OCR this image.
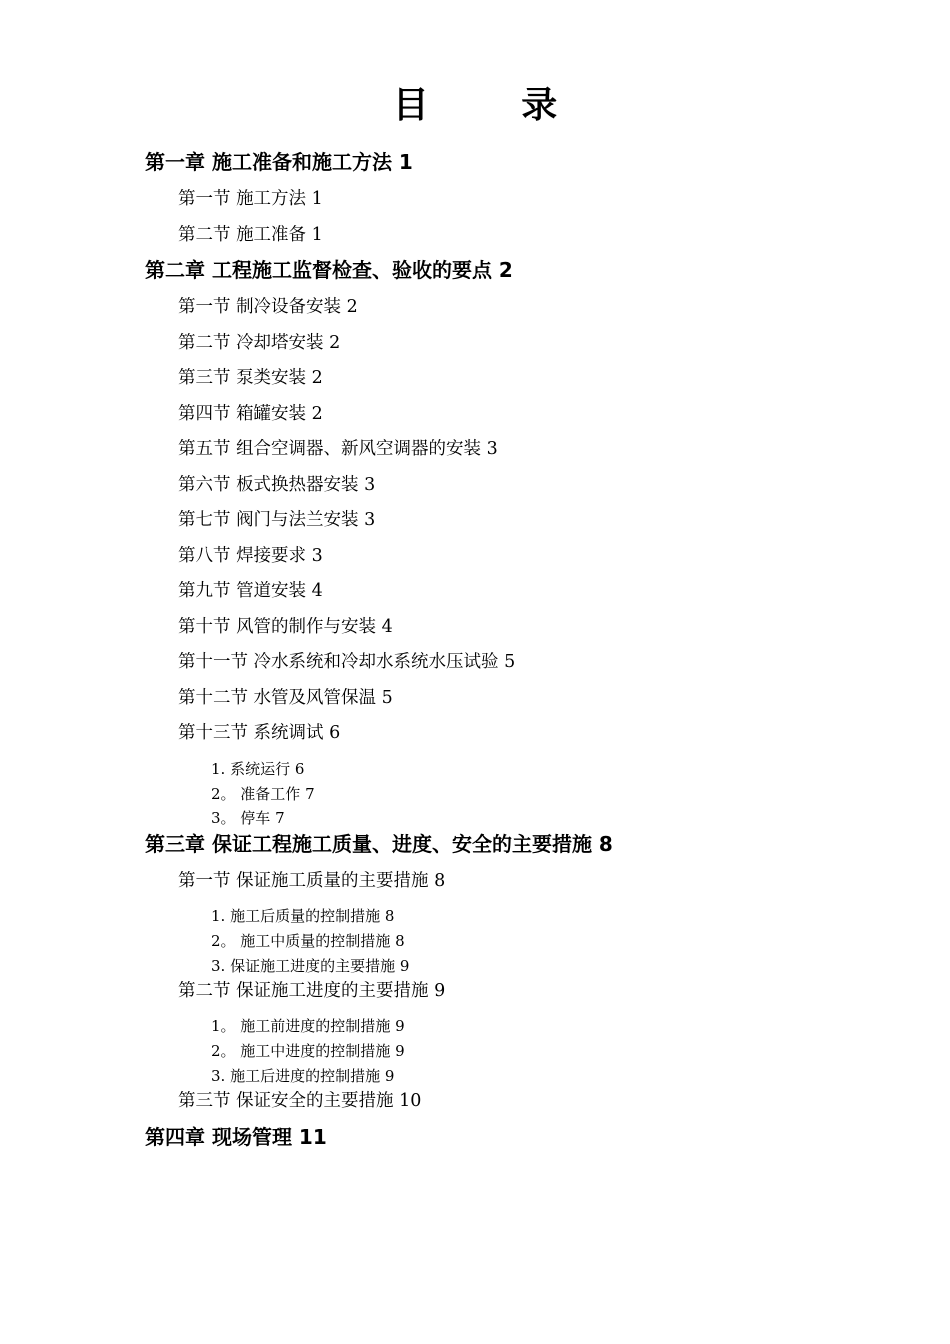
目 录
第一章 施工准备和施工方法 1
第一节 施工方法 1
第二节 施工准备 1
第二章 工程施工监督检查、验收的要点 2
第一节 制冷设备安装 2
第二节 冷却塔安装 2
第三节 泵类安装 2
第四节 箱罐安装 2
第五节 组合空调器、新风空调器的安装 3
第六节 板式换热器安装 3
第七节 阀门与法兰安装 3
第八节 焊接要求 3
第九节 管道安装 4
第十节 风管的制作与安装 4
第十一节 冷水系统和冷却水系统水压试验 5
第十二节 水管及风管保温 5
第十三节 系统调试 6
1. 系统运行 6
2。 准备工作 7
3。 停车 7
第三章 保证工程施工质量、进度、安全的主要措施 8
第一节 保证施工质量的主要措施 8
1. 施工后质量的控制措施 8
2。 施工中质量的控制措施 8
3. 保证施工进度的主要措施 9
第二节 保证施工进度的主要措施 9
1。 施工前进度的控制措施 9
2。 施工中进度的控制措施 9
3. 施工后进度的控制措施 9
第三节 保证安全的主要措施 10
第四章 现场管理 11
